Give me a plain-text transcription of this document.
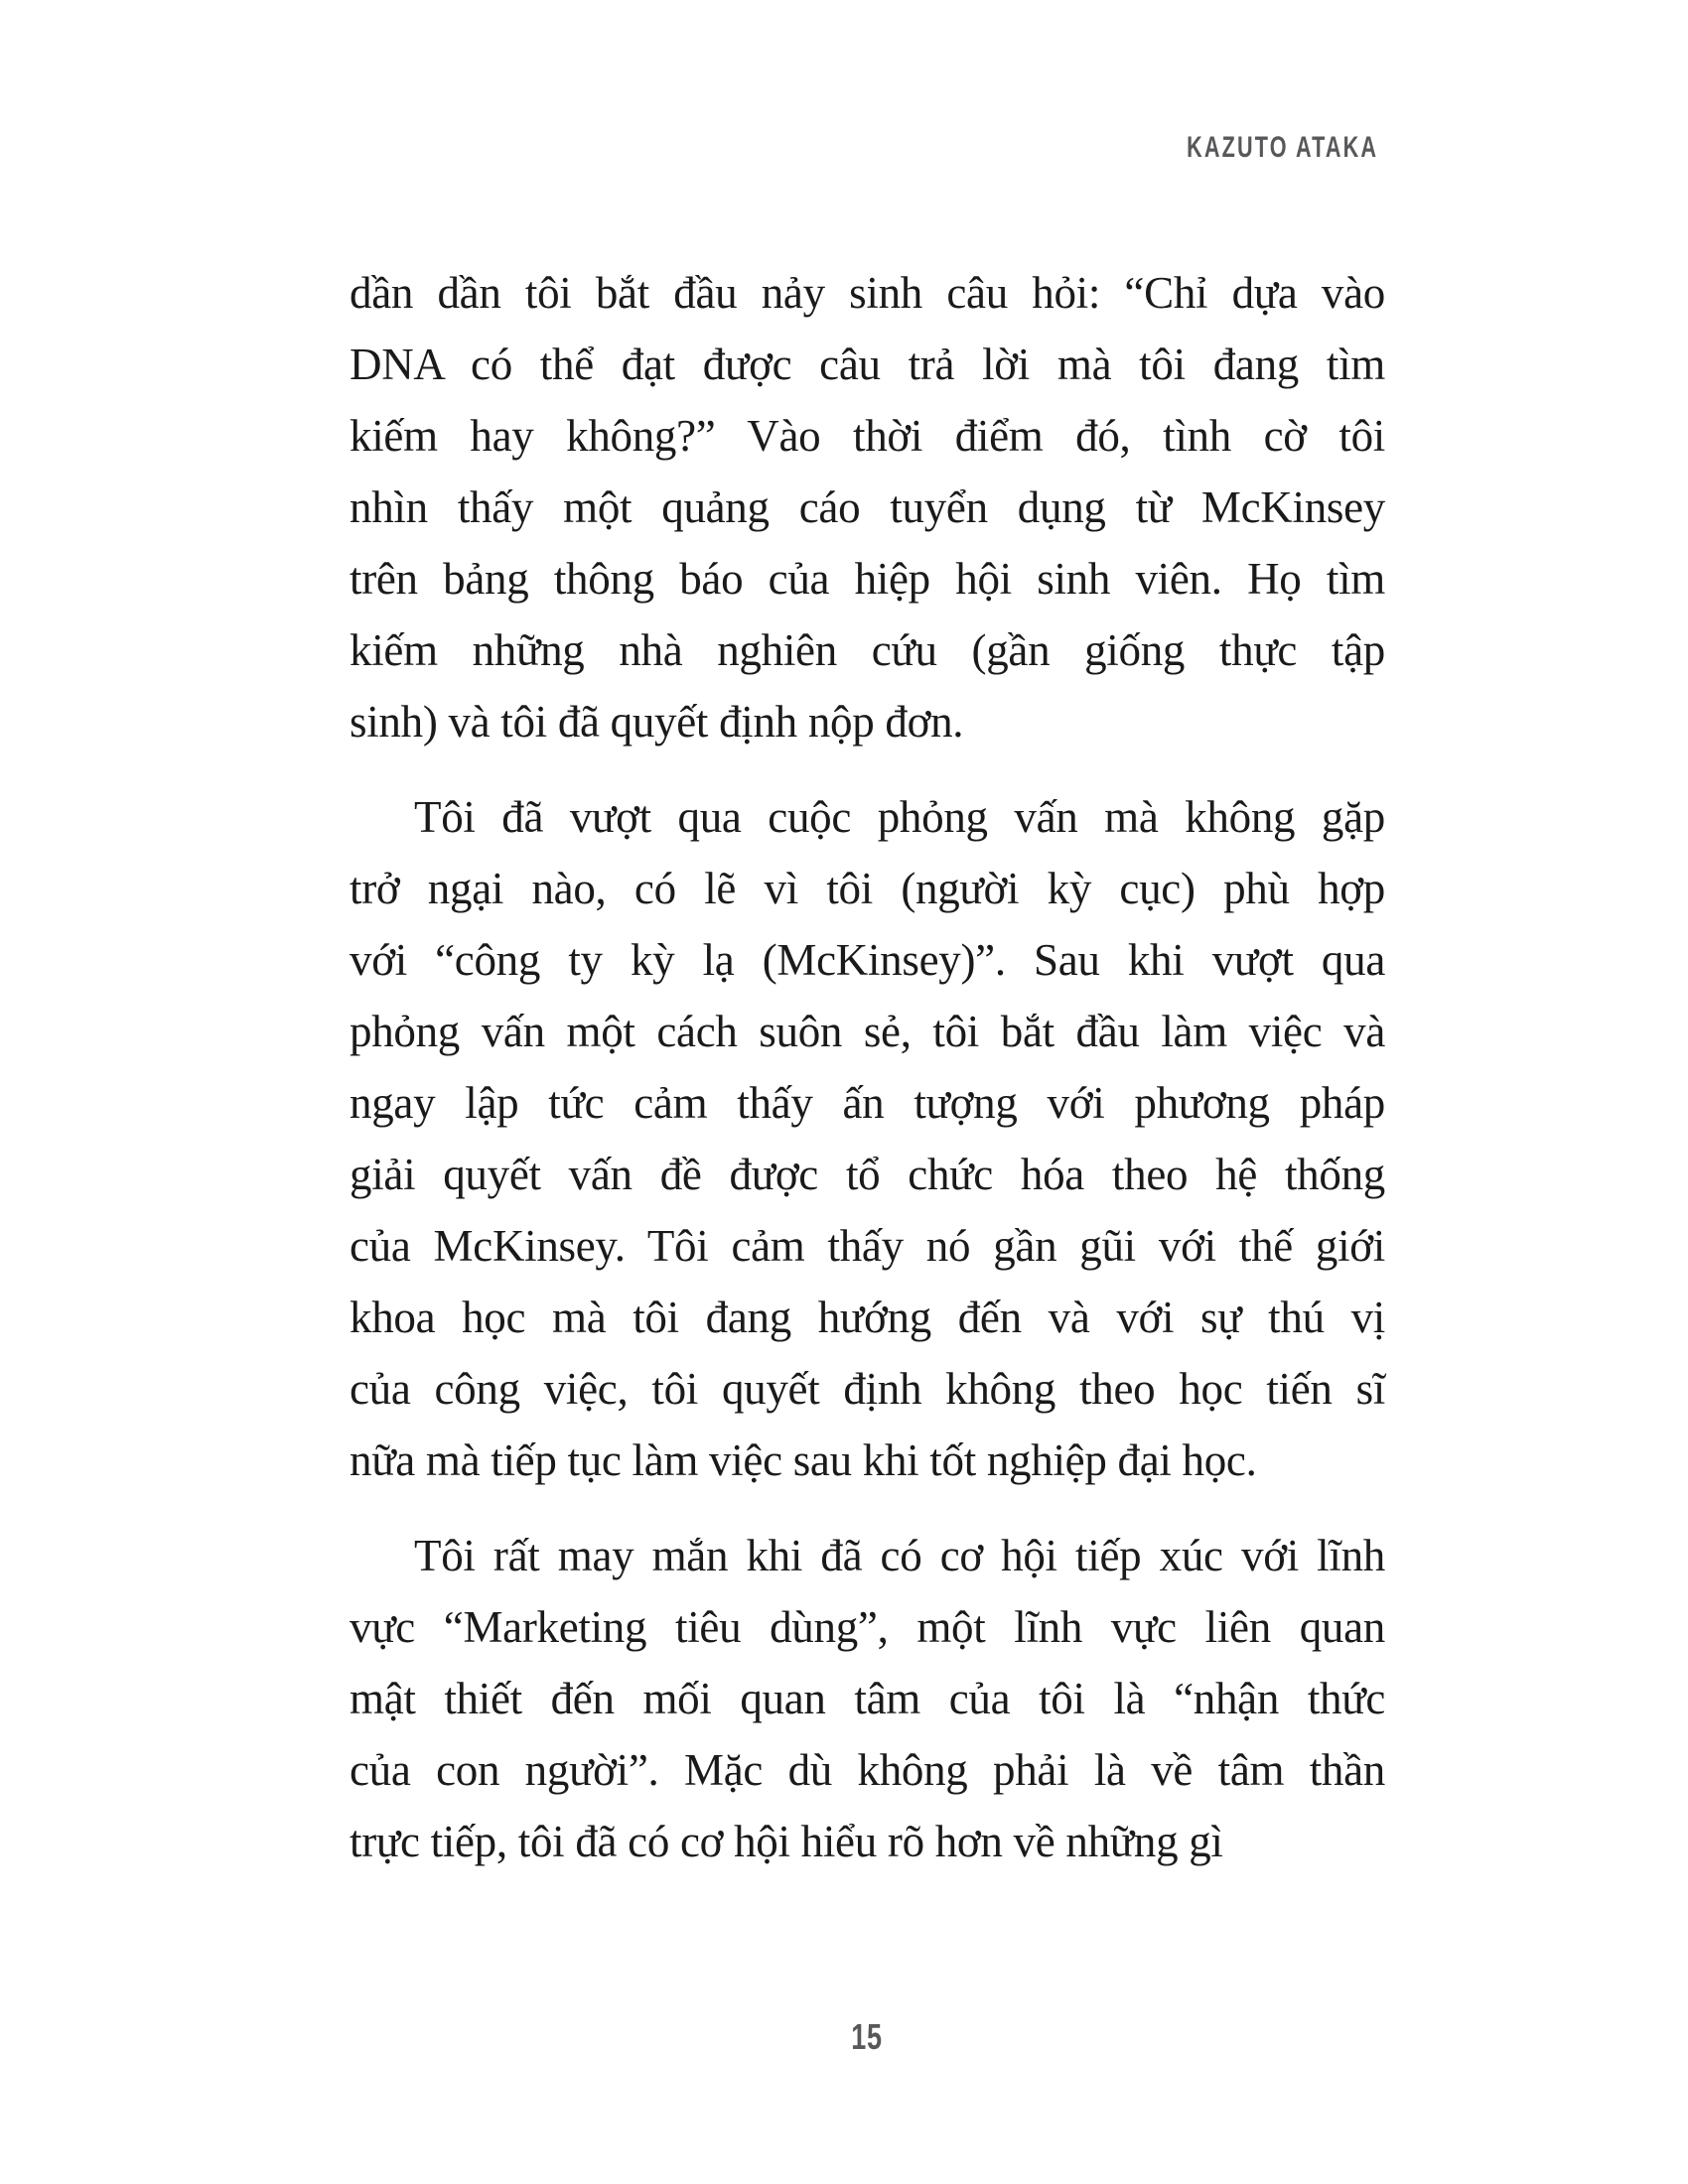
KAZUTO ATAKA
dần dần tôi bắt đầu nảy sinh câu hỏi: “Chỉ dựa vào
DNA có thể đạt được câu trả lời mà tôi đang tìm
kiếm hay không?” Vào thời điểm đó, tình cờ tôi
nhìn thấy một quảng cáo tuyển dụng từ McKinsey
trên bảng thông báo của hiệp hội sinh viên. Họ tìm
kiếm những nhà nghiên cứu (gần giống thực tập
sinh) và tôi đã quyết định nộp đơn.
Tôi đã vượt qua cuộc phỏng vấn mà không gặp
trở ngại nào, có lẽ vì tôi (người kỳ cục) phù hợp
với “công ty kỳ lạ (McKinsey)”. Sau khi vượt qua
phỏng vấn một cách suôn sẻ, tôi bắt đầu làm việc và
ngay lập tức cảm thấy ấn tượng với phương pháp
giải quyết vấn đề được tổ chức hóa theo hệ thống
của McKinsey. Tôi cảm thấy nó gần gũi với thế giới
khoa học mà tôi đang hướng đến và với sự thú vị
của công việc, tôi quyết định không theo học tiến sĩ
nữa mà tiếp tục làm việc sau khi tốt nghiệp đại học.
Tôi rất may mắn khi đã có cơ hội tiếp xúc với lĩnh
vực “Marketing tiêu dùng”, một lĩnh vực liên quan
mật thiết đến mối quan tâm của tôi là “nhận thức
của con người”. Mặc dù không phải là về tâm thần
trực tiếp, tôi đã có cơ hội hiểu rõ hơn về những gì
15
